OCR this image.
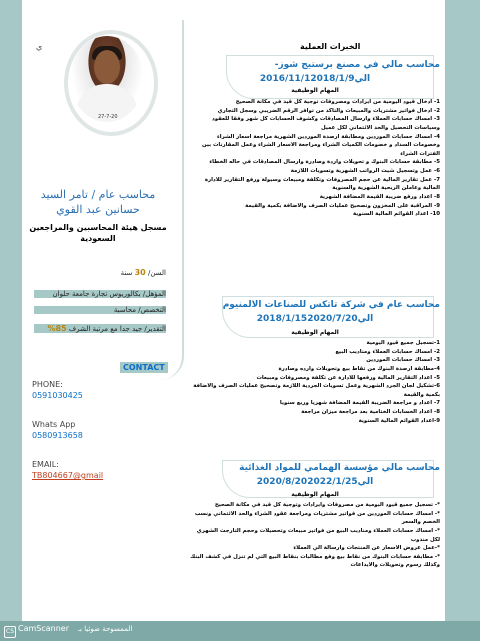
ي
27-7-20
محاسب عام / تامر السيد
حسانين عبد القوي
مسجل هيئة المحاسبين والمراجعين السعودية
السن/ 30 سنة
المؤهل/ بكالوريوس تجارة جامعة حلوان
التخصص/ محاسبة
التقدير/ جيد جدا مع مرتبة الشرف 85%
CONTACT
PHONE:
0591030425
Whats App
0580913658
EMAIL:
TB804667@gmail
الخبرات العملية
محاسب مالي في مصنع برستيج شوز-
2016/11/1الي2018/1/9
المهام الوظيفية
1- ادخال قيود اليومية من ايرادات ومصروفات توجية كل قيد في مكانة الصحيح
2- ادخال فواتير مشتريات والمبيعات والتاكد من توافر الرقم الضريبي وسجل التجاري
3- امساك حسابات العملاء وارسال المصادقات وكشوف الحسابات كل شهر وفقا للعقود وسياسات التحصيل والحد الائتماني لكل عميل
4- امساك حسابات الموردين ومطابقة ارصدة الموردين الشهرية مراجعة اسعار الشراء وخصومات السداد و خصومات الكميات الشراء ومراجعة الاسعار الشراء وعمل المقارنات بين الفترات الشراء
5- مطابقة حسابات البنوك و تحويلات واردة وصادرة وارسال المصادقات في حاله الخطاء
6- عمل وتسجيل شيت الرواتب الشهرية وتسويات اللازمة
7- عمل تقارير المالية عن حجم المصروفات وتكلفة ومبيعات وسيولة ورفع التقارير للادارة المالية وعاملن الربحية الشهرية والسنوية
8- اعداد ورفع ضريبة القيمة المضافة الشهرية
9- المراقبة على المخزون وتصحيح عمليات الصرف والاضافة بكمية والقيمة
10- اعداد القوائم المالية السنوية
محاسب عام في شركة تاتكس للصناعات الالمنيوم
2018/1/15الي2020/7/20
المهام الوظيفية
1-تسجيل جميع قيود اليومية
2- امساك حسابات العملاء ومناديب البيع
3- امساك حسابات الموردين
4-مطابقة ارصدة البنوك من تقاط بيع وتحويلات وارده وصادرة
5- اعداد التقارير المالية ورفعها للادارة عن تكلفة ومصروفات ومبيعات
6-تشكيل لجان الجرد الشهرية وعمل تسويات الجردية اللازمة وتصحيح عمليات الصرف والاضافة بكمية والقيمة
7- اعداد و مراجعة الضريبة القيمة المضافة شهريا وربع سنويا
8- اعداد الحسابات الختامية بعد مراجعة ميزان مراجعة
9-اعداد القوائم المالية السنوية
محاسب مالي مؤسسة الهمامي للمواد الغذائية
2020/8/20الي2022/1/25
المهام الوظيفية
*- تسجيل جميع قيود اليومية من مصروفات وايرادات وتوجية كل قيد في مكانة الصحيح
*- امساك حسابات الموردين من فواتير مشتريات ومراجعة عقود الشراء والحد الائتماني ونسب الخصم والسعر
*- امساك حسابات العملاء ومناديب البيع من فواتير مبيعات وتحصيلات وحجم التارجت الشهري لكل مندوب
*-عمل عروض الاسعار عن المنتجات وارسالة الي العملاء
*- مطابقة حسابات البنوك من نقاط بيع وفع مطالبات بنقاط البيع التي لم تنزل في كشف البنك وكذلك رسوم وتحويلات والايداعات
CS CamScanner الممسوحة ضوئيا بـ
